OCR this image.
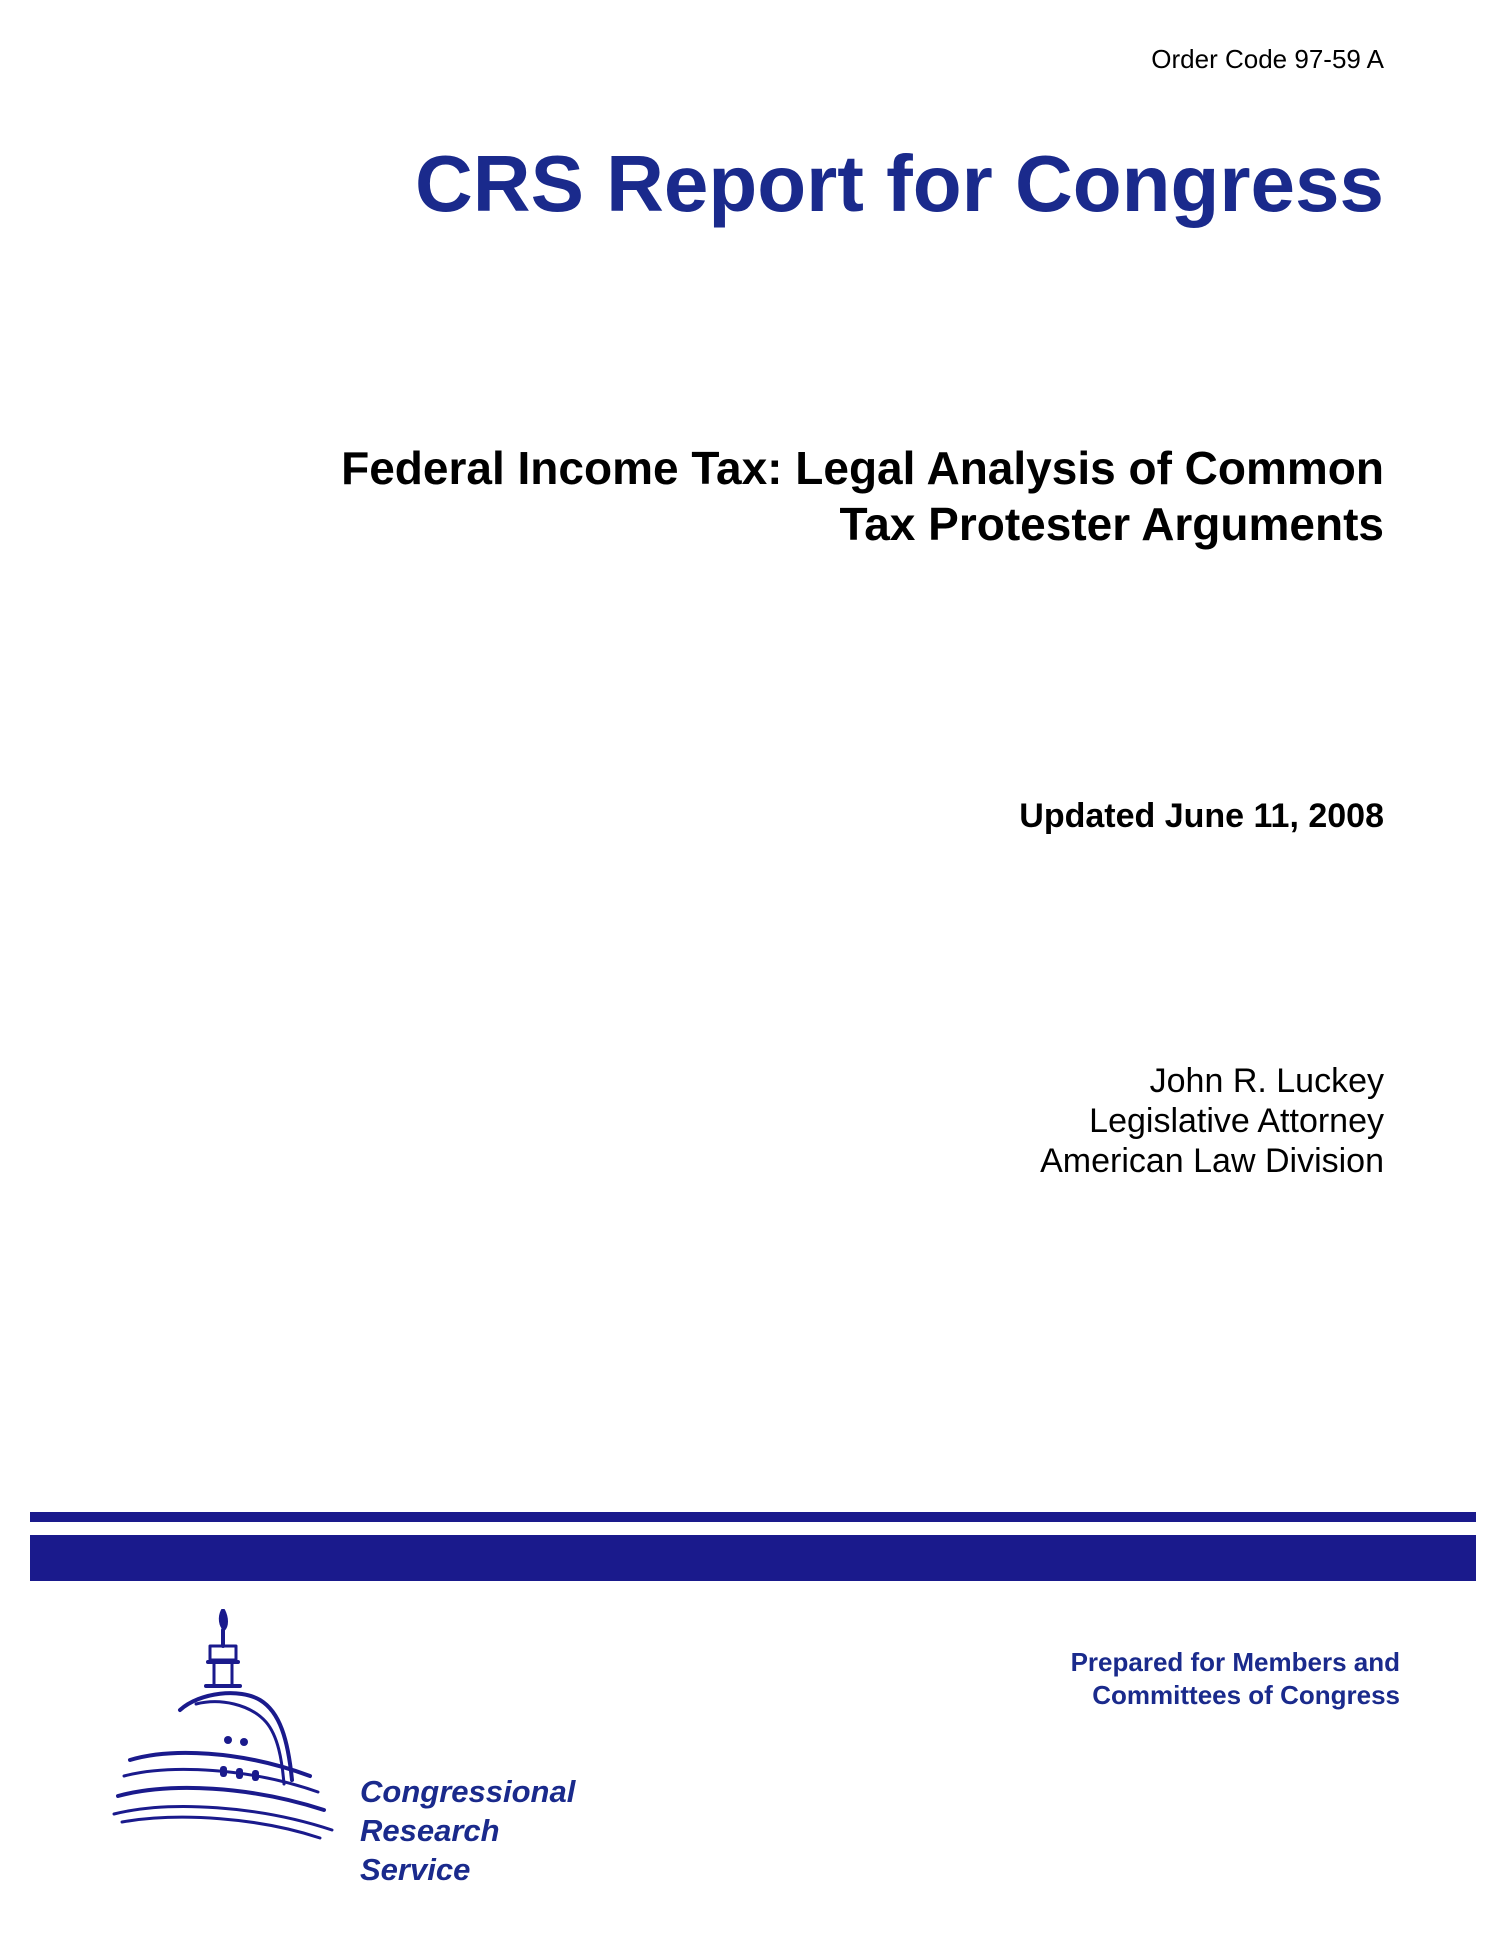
Order Code 97-59 A
CRS Report for Congress
Federal Income Tax: Legal Analysis of Common
Tax Protester Arguments
Updated June 11, 2008
John R. Luckey
Legislative Attorney
American Law Division
Congressional
Research
Service
Prepared for Members and
Committees of Congress
